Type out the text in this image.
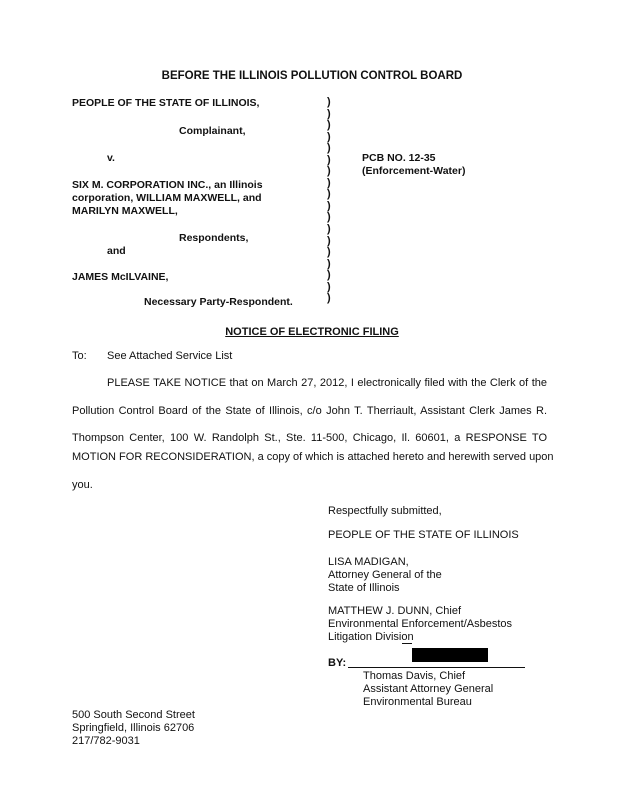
BEFORE THE ILLINOIS POLLUTION CONTROL BOARD
PEOPLE OF THE STATE OF ILLINOIS,
Complainant,
v.
SIX M. CORPORATION INC., an Illinois
corporation, WILLIAM MAXWELL, and
MARILYN MAXWELL,
Respondents,
and
JAMES McILVAINE,
Necessary Party-Respondent.
)
)
)
)
)
)
)
)
)
)
)
)
)
)
)
)
)
)
PCB NO. 12-35
(Enforcement-Water)
NOTICE OF ELECTRONIC FILING
To: See Attached Service List
PLEASE TAKE NOTICE that on March 27, 2012, I electronically filed with the Clerk of the
Pollution Control Board of the State of Illinois, c/o John T. Therriault, Assistant Clerk James R.
Thompson Center, 100 W. Randolph St., Ste. 11-500, Chicago, Il. 60601, a RESPONSE TO
MOTION FOR RECONSIDERATION, a copy of which is attached hereto and herewith served upon
you.
Respectfully submitted,
PEOPLE OF THE STATE OF ILLINOIS
LISA MADIGAN,
Attorney General of the
State of Illinois
MATTHEW J. DUNN, Chief
Environmental Enforcement/Asbestos
Litigation Division
BY:
Thomas Davis, Chief
Assistant Attorney General
Environmental Bureau
500 South Second Street
Springfield, Illinois 62706
217/782-9031
